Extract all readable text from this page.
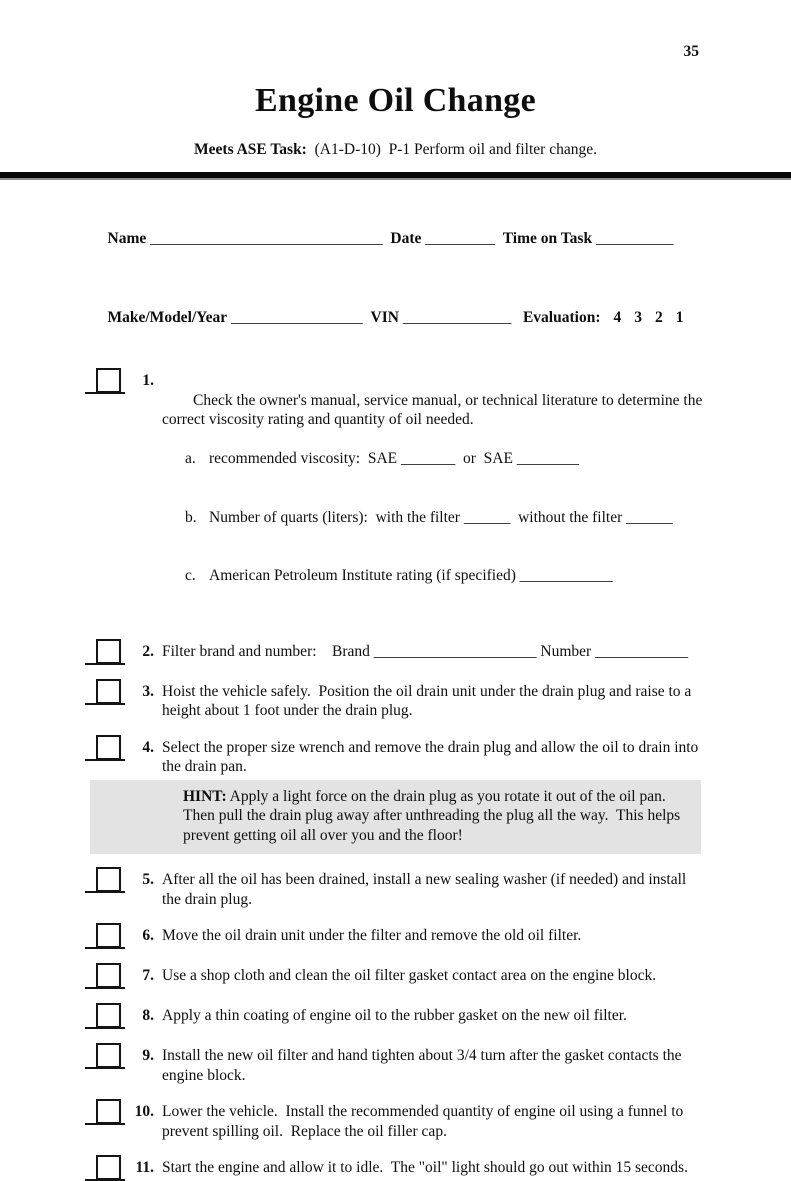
35
Engine Oil Change

Meets ASE Task:  (A1-D-10)  P-1 Perform oil and filter change.

Name ______________________________  Date _________  Time on Task __________

Make/Model/Year _________________  VIN ______________   Evaluation: 4 3 2 1

1.

Check the owner's manual, service manual, or technical literature to determine the correct viscosity rating and quantity of oil needed.

a. recommended viscosity:  SAE _______  or  SAE ________

b. Number of quarts (liters):  with the filter ______  without the filter ______

c. American Petroleum Institute rating (if specified) ____________

2. Filter brand and number:    Brand _____________________ Number ____________
3. Hoist the vehicle safely.  Position the oil drain unit under the drain plug and raise to a height about 1 foot under the drain plug.
4. Select the proper size wrench and remove the drain plug and allow the oil to drain into the drain pan.
HINT: Apply a light force on the drain plug as you rotate it out of the oil pan.  Then pull the drain plug away after unthreading the plug all the way.  This helps prevent getting oil all over you and the floor!
5. After all the oil has been drained, install a new sealing washer (if needed) and install the drain plug.
6. Move the oil drain unit under the filter and remove the old oil filter.
7. Use a shop cloth and clean the oil filter gasket contact area on the engine block.
8. Apply a thin coating of engine oil to the rubber gasket on the new oil filter.
9. Install the new oil filter and hand tighten about 3/4 turn after the gasket contacts the engine block.
10. Lower the vehicle.  Install the recommended quantity of engine oil using a funnel to prevent spilling oil.  Replace the oil filler cap.
11. Start the engine and allow it to idle.  The "oil" light should go out within 15 seconds.
